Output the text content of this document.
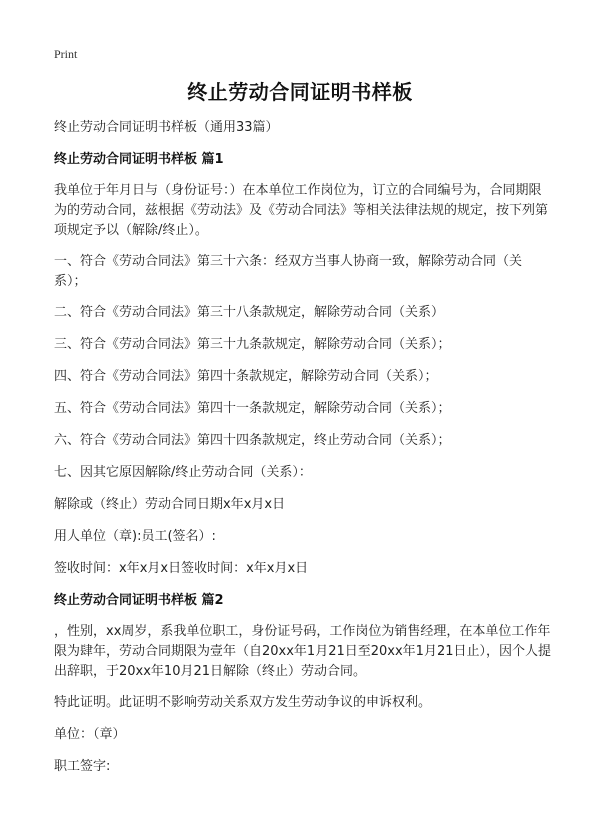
Print
终止劳动合同证明书样板
终止劳动合同证明书样板（通用33篇）
终止劳动合同证明书样板 篇1
我单位于年月日与（身份证号：）在本单位工作岗位为，订立的合同编号为，合同期限为的劳动合同，兹根据《劳动法》及《劳动合同法》等相关法律法规的规定，按下列第项规定予以（解除/终止）。
一、符合《劳动合同法》第三十六条：经双方当事人协商一致，解除劳动合同（关系）；
二、符合《劳动合同法》第三十八条款规定，解除劳动合同（关系）
三、符合《劳动合同法》第三十九条款规定，解除劳动合同（关系）；
四、符合《劳动合同法》第四十条款规定，解除劳动合同（关系）；
五、符合《劳动合同法》第四十一条款规定，解除劳动合同（关系）；
六、符合《劳动合同法》第四十四条款规定，终止劳动合同（关系）；
七、因其它原因解除/终止劳动合同（关系）：
解除或（终止）劳动合同日期x年x月x日
用人单位（章):员工(签名）:
签收时间：x年x月x日签收时间：x年x月x日
终止劳动合同证明书样板 篇2
，性别，xx周岁，系我单位职工，身份证号码，工作岗位为销售经理，在本单位工作年限为肆年，劳动合同期限为壹年（自20xx年1月21日至20xx年1月21日止），因个人提出辞职，于20xx年10月21日解除（终止）劳动合同。
特此证明。此证明不影响劳动关系双方发生劳动争议的申诉权利。
单位：（章）
职工签字:
